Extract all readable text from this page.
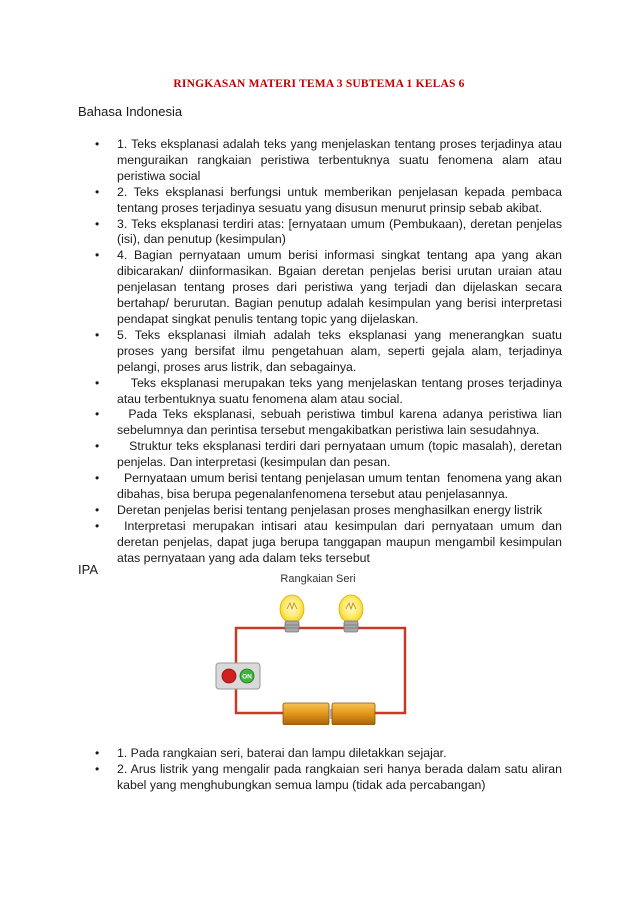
RINGKASAN MATERI TEMA 3 SUBTEMA 1 KELAS 6
Bahasa Indonesia
• 1. Teks eksplanasi adalah teks yang menjelaskan tentang proses terjadinya atau menguraikan rangkaian peristiwa terbentuknya suatu fenomena alam atau peristiwa social
• 2. Teks eksplanasi berfungsi untuk memberikan penjelasan kepada pembaca tentang proses terjadinya sesuatu yang disusun menurut prinsip sebab akibat.
• 3. Teks eksplanasi terdiri atas: [ernyataan umum (Pembukaan), deretan penjelas (isi), dan penutup (kesimpulan)
• 4. Bagian pernyataan umum berisi informasi singkat tentang apa yang akan dibicarakan/ diinformasikan. Bgaian deretan penjelas berisi urutan uraian atau penjelasan tentang proses dari peristiwa yang terjadi dan dijelaskan secara bertahap/ berurutan. Bagian penutup adalah kesimpulan yang berisi interpretasi pendapat singkat penulis tentang topic yang dijelaskan.
• 5. Teks eksplanasi ilmiah adalah teks eksplanasi yang menerangkan suatu proses yang bersifat ilmu pengetahuan alam, seperti gejala alam, terjadinya pelangi, proses arus listrik, dan sebagainya.
• Teks eksplanasi merupakan teks yang menjelaskan tentang proses terjadinya atau terbentuknya suatu fenomena alam atau social.
• Pada Teks eksplanasi, sebuah peristiwa timbul karena adanya peristiwa lian sebelumnya dan perintisa tersebut mengakibatkan peristiwa lain sesudahnya.
• Struktur teks eksplanasi terdiri dari pernyataan umum (topic masalah), deretan penjelas. Dan interpretasi (kesimpulan dan pesan.
• Pernyataan umum berisi tentang penjelasan umum tentan  fenomena yang akan dibahas, bisa berupa pegenalanfenomena tersebut atau penjelasannya.
• Deretan penjelas berisi tentang penjelasan proses menghasilkan energy listrik
• Interpretasi merupakan intisari atau kesimpulan dari pernyataan umum dan deretan penjelas, dapat juga berupa tanggapan maupun mengambil kesimpulan atas pernyataan yang ada dalam teks tersebut
IPA
Rangkaian Seri
ON
• 1. Pada rangkaian seri, baterai dan lampu diletakkan sejajar.
• 2. Arus listrik yang mengalir pada rangkaian seri hanya berada dalam satu aliran kabel yang menghubungkan semua lampu (tidak ada percabangan)
